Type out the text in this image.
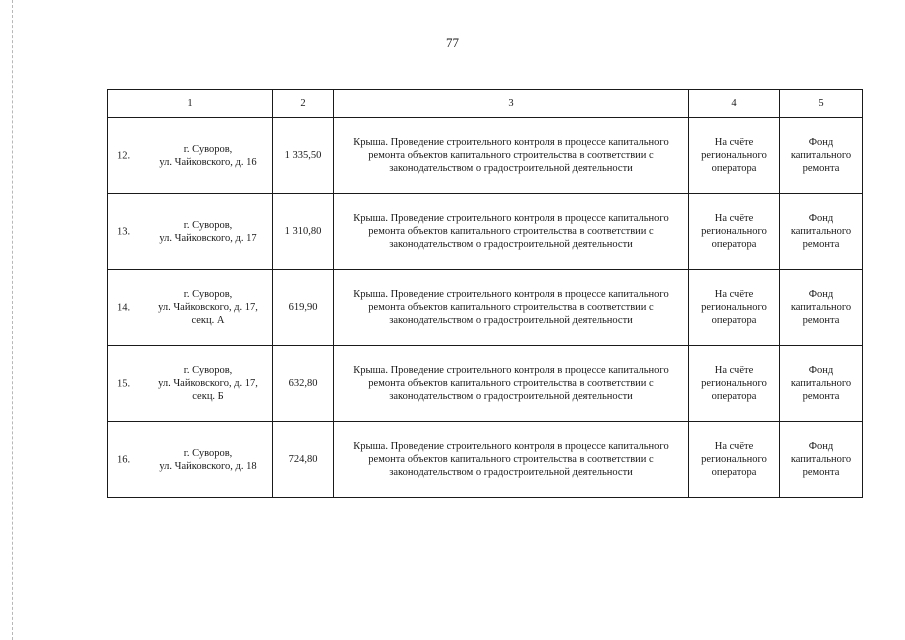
77
1	2	3	4	5

12.
г. Суворов,
ул. Чайковского, д. 16	1 335,50	Крыша. Проведение строительного контроля в процессе капитального ремонта объектов капитального строительства в соответствии с законодательством о градостроительной деятельности	На счёте регионального оператора	Фонд капитального ремонта

13.
г. Суворов,
ул. Чайковского, д. 17	1 310,80	Крыша. Проведение строительного контроля в процессе капитального ремонта объектов капитального строительства в соответствии с законодательством о градостроительной деятельности	На счёте регионального оператора	Фонд капитального ремонта

14.
г. Суворов,
ул. Чайковского, д. 17,
секц. А	619,90	Крыша. Проведение строительного контроля в процессе капитального ремонта объектов капитального строительства в соответствии с законодательством о градостроительной деятельности	На счёте регионального оператора	Фонд капитального ремонта

15.
г. Суворов,
ул. Чайковского, д. 17,
секц. Б	632,80	Крыша. Проведение строительного контроля в процессе капитального ремонта объектов капитального строительства в соответствии с законодательством о градостроительной деятельности	На счёте регионального оператора	Фонд капитального ремонта

16.
г. Суворов,
ул. Чайковского, д. 18	724,80	Крыша. Проведение строительного контроля в процессе капитального ремонта объектов капитального строительства в соответствии с законодательством о градостроительной деятельности	На счёте регионального оператора	Фонд капитального ремонта
